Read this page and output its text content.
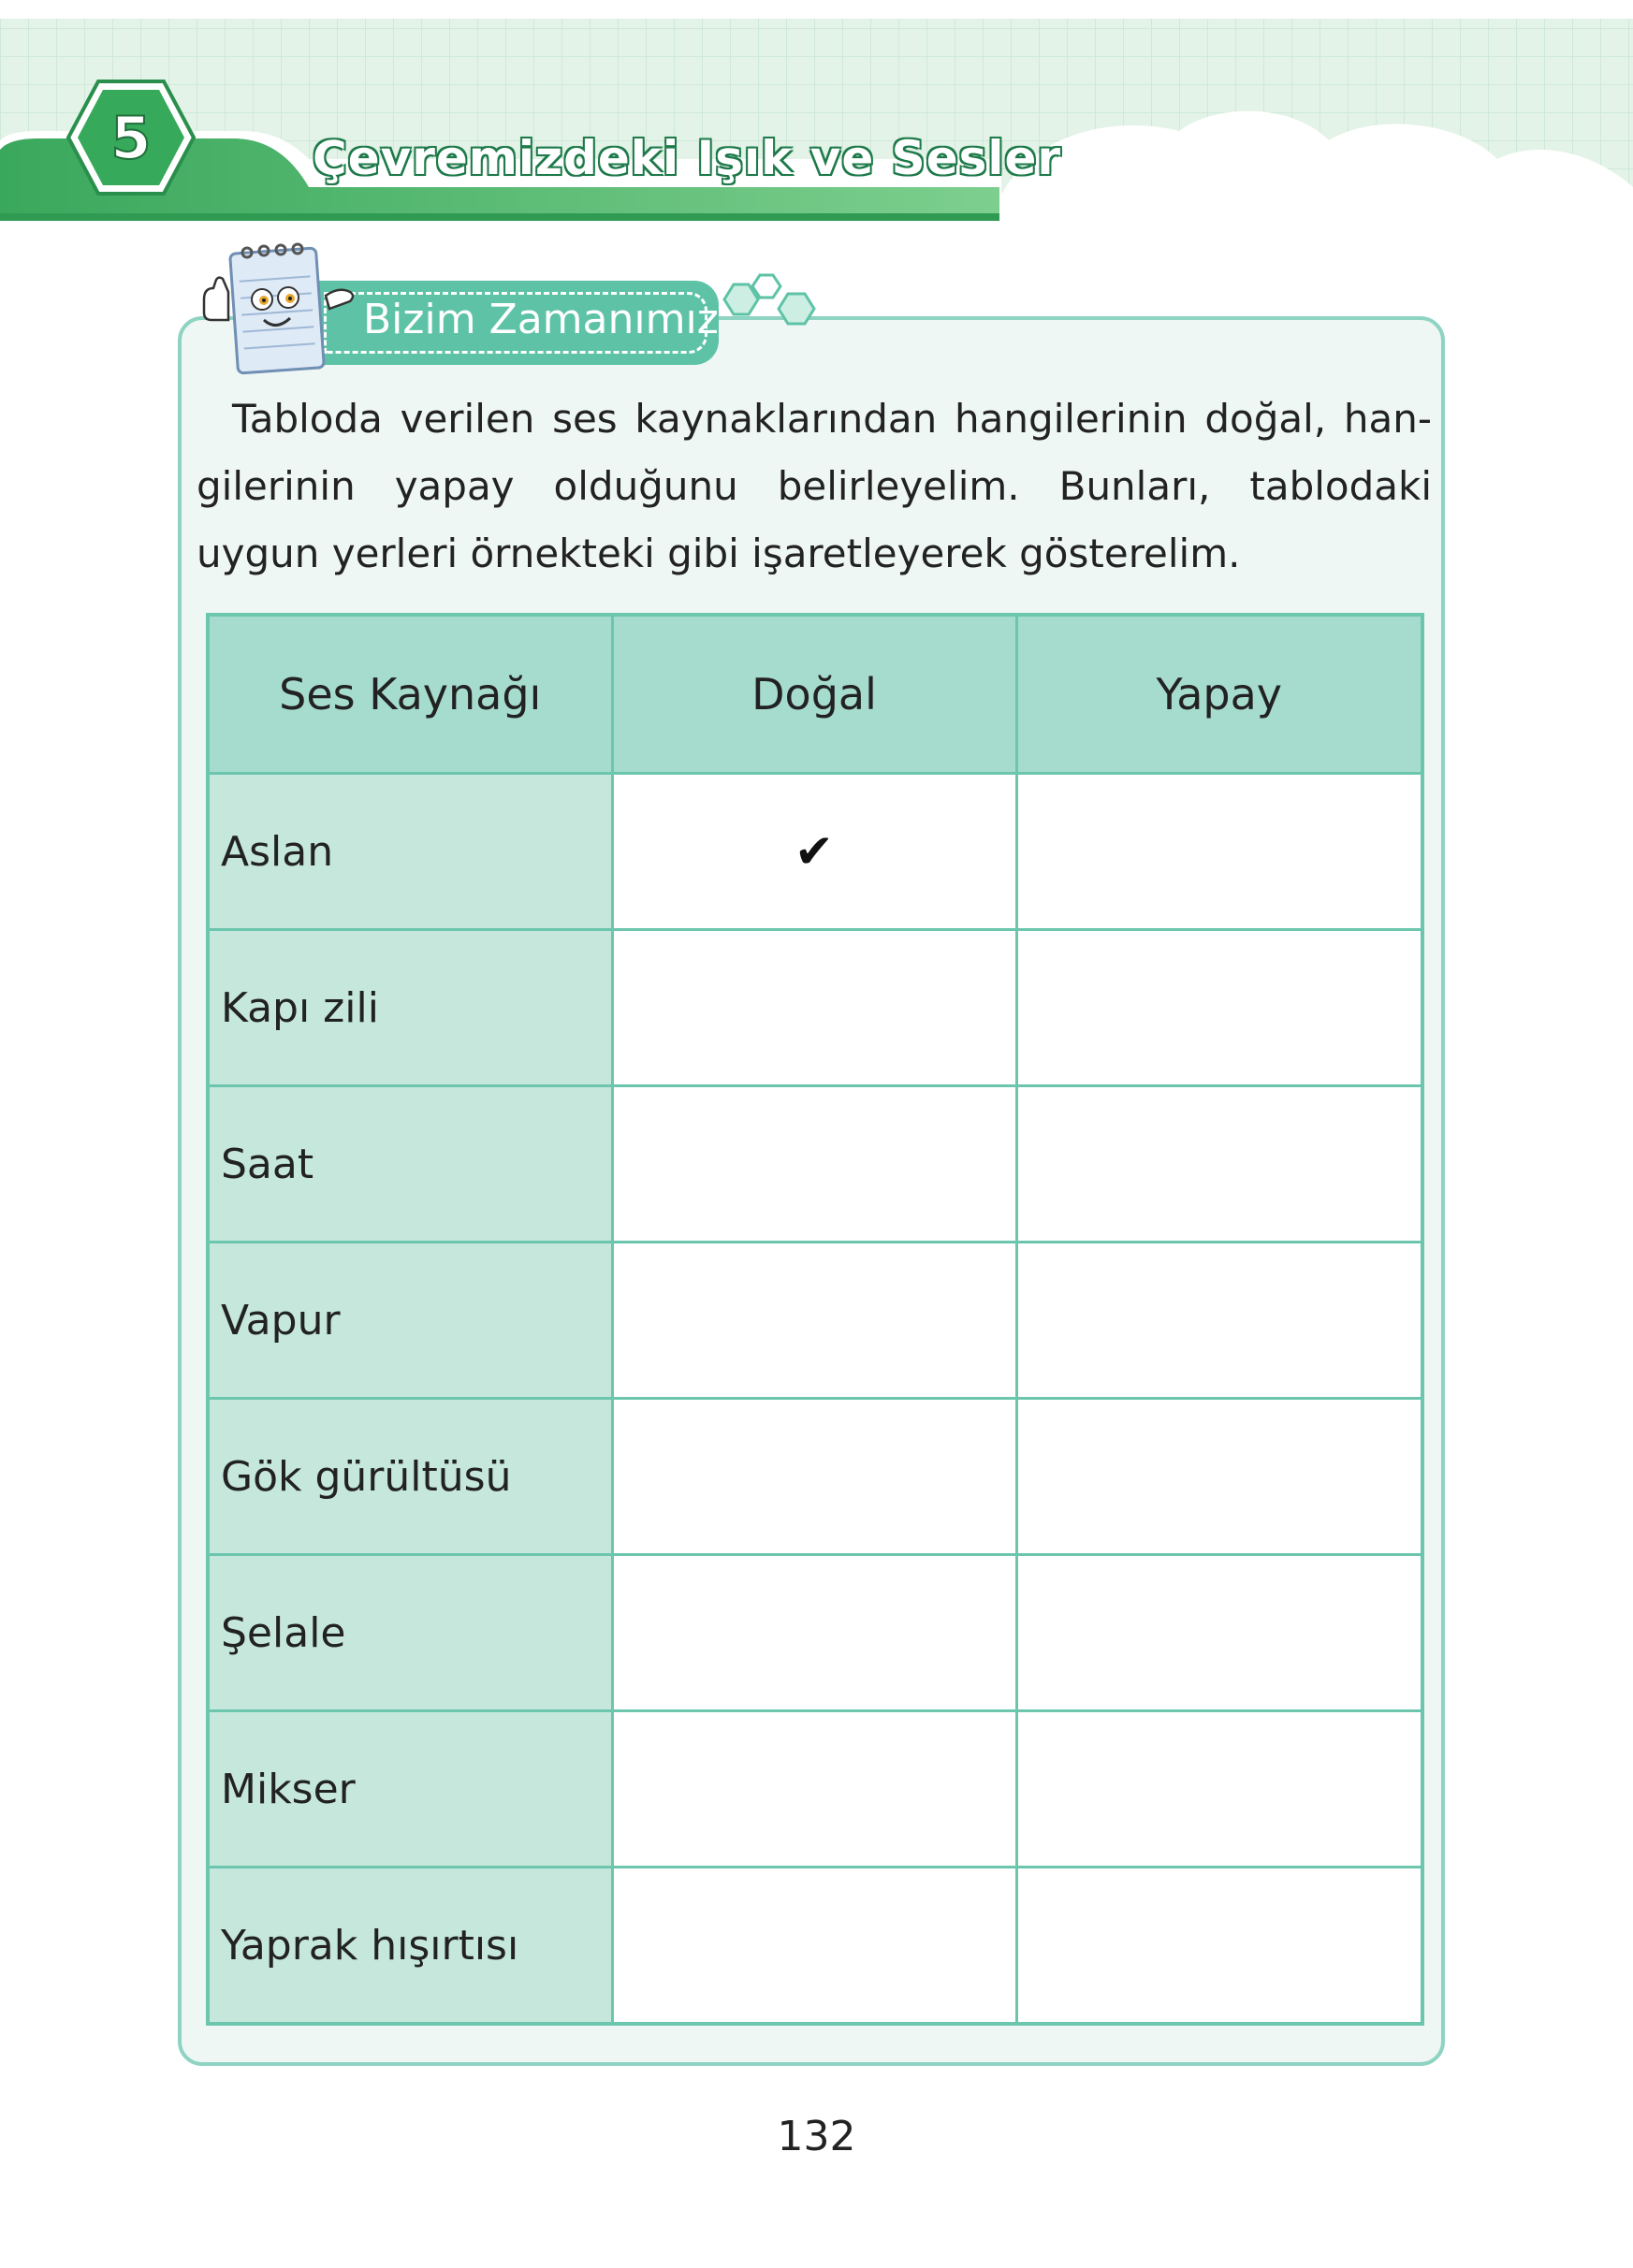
5	Çevremizdeki Işık ve Sesler
Bizim Zamanımız

Tabloda verilen ses kaynaklarından hangilerinin doğal, han-gilerinin yapay olduğunu belirleyelim. Bunları, tablodaki uygun yerleri örnekteki gibi işaretleyerek gösterelim.

Ses Kaynağı	Doğal	Yapay
Aslan	✔	
Kapı zili		
Saat		
Vapur		
Gök gürültüsü		
Şelale		
Mikser		
Yaprak hışırtısı		
132
